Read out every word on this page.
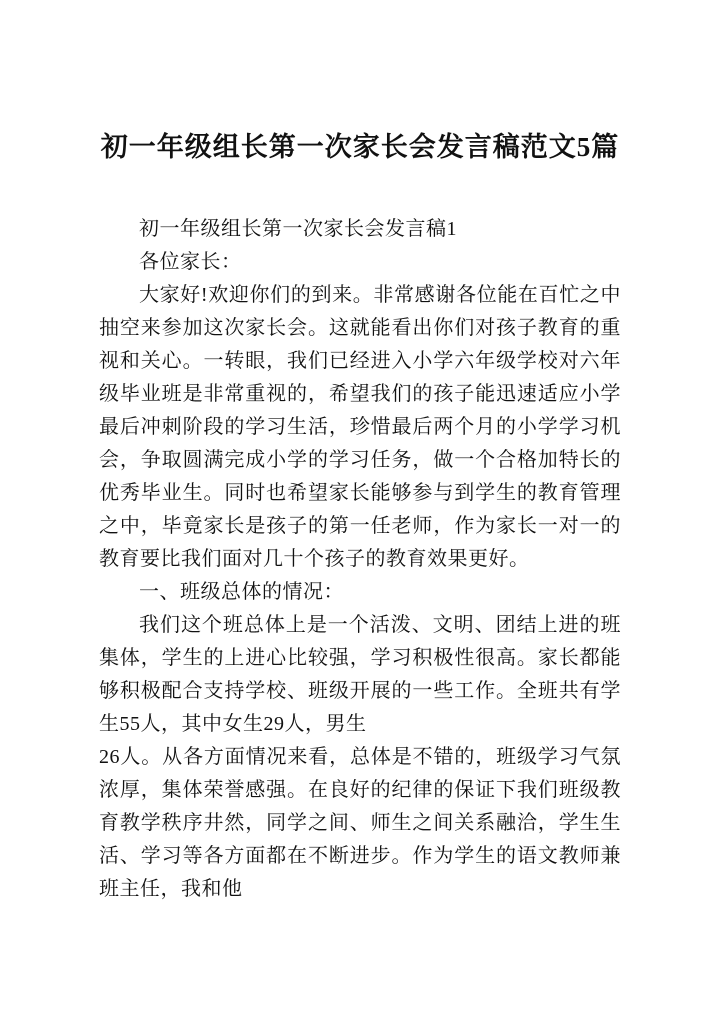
初一年级组长第一次家长会发言稿范文5篇

初一年级组长第一次家长会发言稿1

各位家长：

大家好!欢迎你们的到来。非常感谢各位能在百忙之中抽空来参加这次家长会。这就能看出你们对孩子教育的重视和关心。一转眼，我们已经进入小学六年级学校对六年级毕业班是非常重视的，希望我们的孩子能迅速适应小学最后冲刺阶段的学习生活，珍惜最后两个月的小学学习机会，争取圆满完成小学的学习任务，做一个合格加特长的优秀毕业生。同时也希望家长能够参与到学生的教育管理之中，毕竟家长是孩子的第一任老师，作为家长一对一的教育要比我们面对几十个孩子的教育效果更好。

一、班级总体的情况：

我们这个班总体上是一个活泼、文明、团结上进的班集体，学生的上进心比较强，学习积极性很高。家长都能够积极配合支持学校、班级开展的一些工作。全班共有学生55人，其中女生29人，男生

26人。从各方面情况来看，总体是不错的，班级学习气氛浓厚，集体荣誉感强。在良好的纪律的保证下我们班级教育教学秩序井然，同学之间、师生之间关系融洽，学生生活、学习等各方面都在不断进步。作为学生的语文教师兼班主任，我和他
